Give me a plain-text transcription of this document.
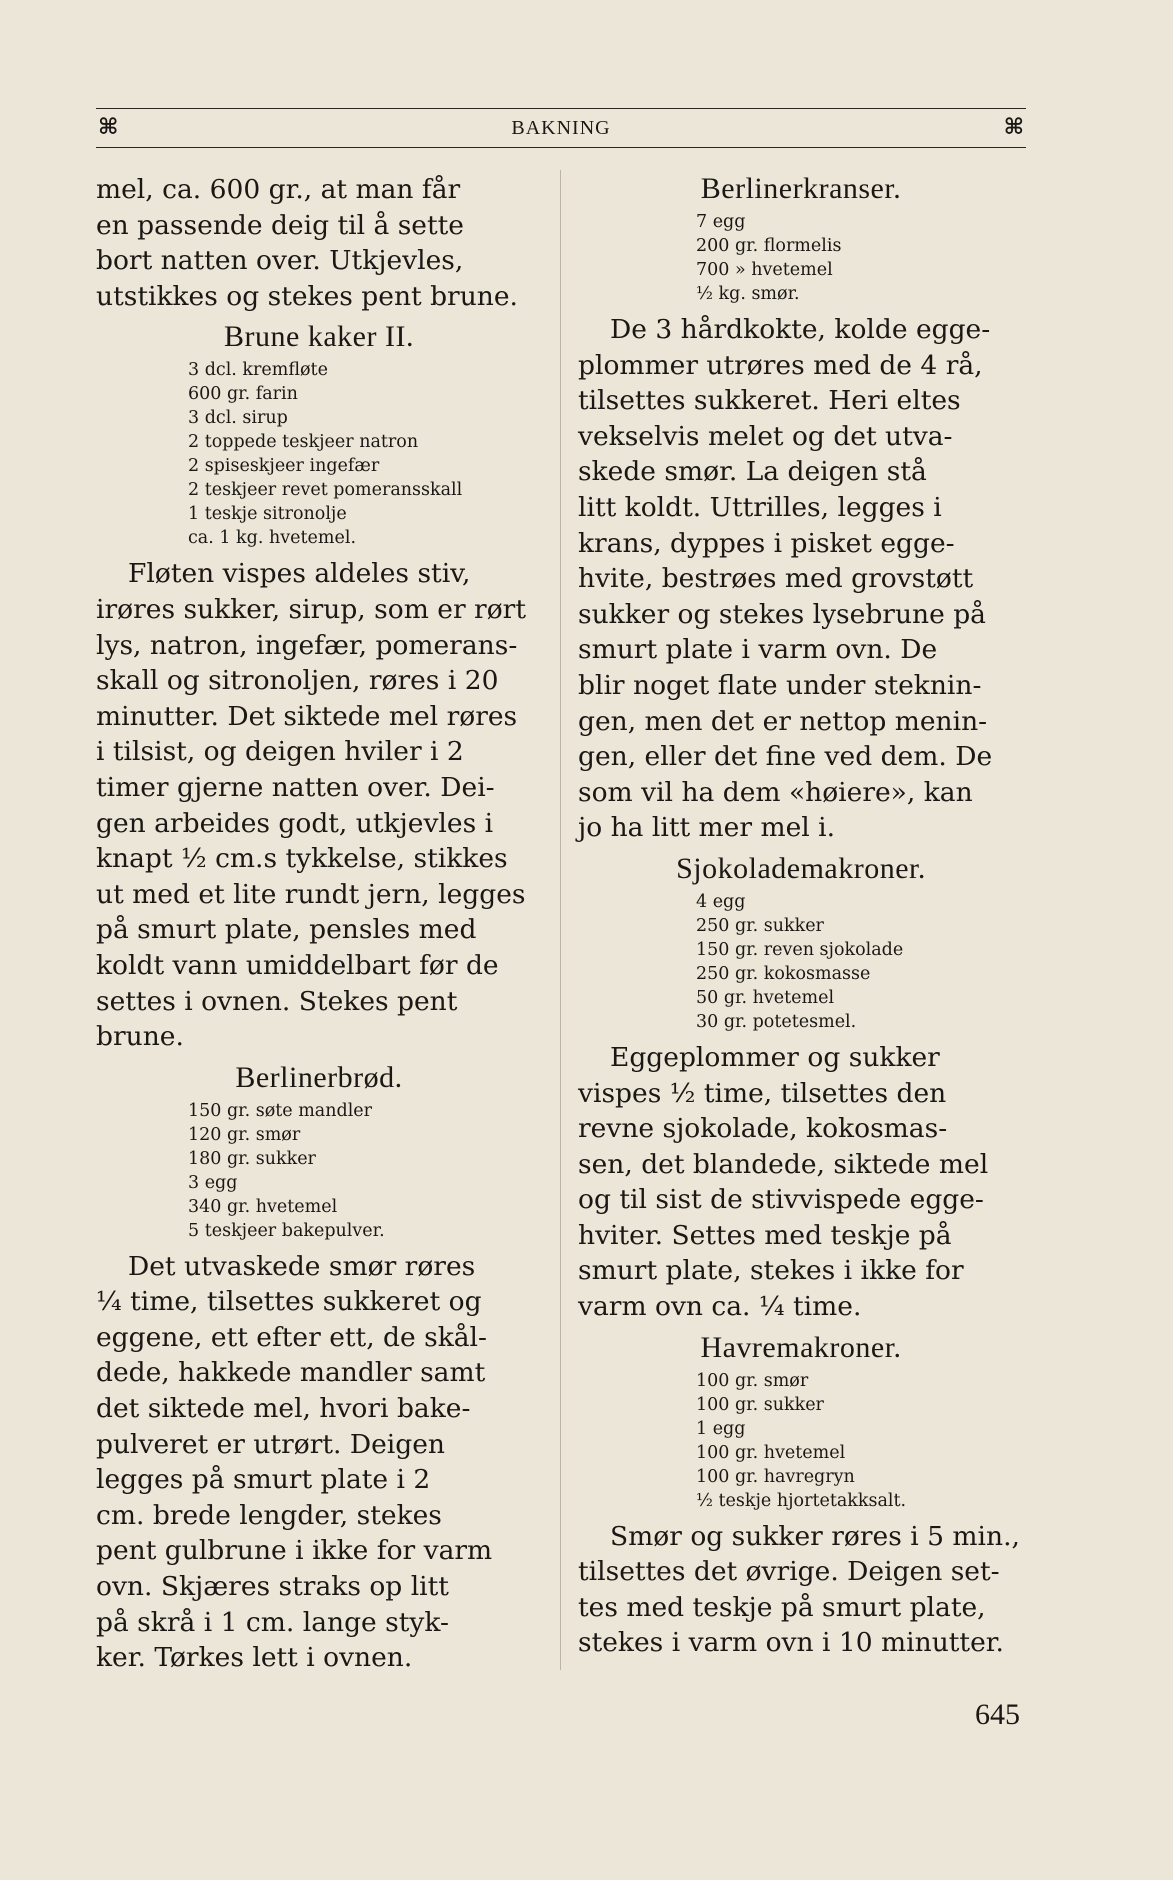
⌘	BAKNING	⌘

mel, ca. 600 gr., at man får

en passende deig til å sette

bort natten over. Utkjevles,

utstikkes og stekes pent brune.

Brune kaker II.
3 dcl. kremfløte
600 gr. farin
3 dcl. sirup
2 toppede teskjeer natron
2 spiseskjeer ingefær
2 teskjeer revet pomeransskall
1 teskje sitronolje
ca. 1 kg. hvetemel.

Fløten vispes aldeles stiv,

irøres sukker, sirup, som er rørt

lys, natron, ingefær, pomerans-

skall og sitronoljen, røres i 20

minutter. Det siktede mel røres

i tilsist, og deigen hviler i 2

timer gjerne natten over. Dei-

gen arbeides godt, utkjevles i

knapt ½ cm.s tykkelse, stikkes

ut med et lite rundt jern, legges

på smurt plate, pensles med

koldt vann umiddelbart før de

settes i ovnen. Stekes pent

brune.

Berlinerbrød.
150 gr. søte mandler
120 gr. smør
180 gr. sukker
3 egg
340 gr. hvetemel
5 teskjeer bakepulver.

Det utvaskede smør røres

¼ time, tilsettes sukkeret og

eggene, ett efter ett, de skål-

dede, hakkede mandler samt

det siktede mel, hvori bake-

pulveret er utrørt. Deigen

legges på smurt plate i 2

cm. brede lengder, stekes

pent gulbrune i ikke for varm

ovn. Skjæres straks op litt

på skrå i 1 cm. lange styk-

ker. Tørkes lett i ovnen.

Berlinerkranser.
7 egg
200 gr. flormelis
700 » hvetemel
½ kg. smør.

De 3 hårdkokte, kolde egge-

plommer utrøres med de 4 rå,

tilsettes sukkeret. Heri eltes

vekselvis melet og det utva-

skede smør. La deigen stå

litt koldt. Uttrilles, legges i

krans, dyppes i pisket egge-

hvite, bestrøes med grovstøtt

sukker og stekes lysebrune på

smurt plate i varm ovn. De

blir noget flate under steknin-

gen, men det er nettop menin-

gen, eller det fine ved dem. De

som vil ha dem «høiere», kan

jo ha litt mer mel i.

Sjokolademakroner.
4 egg
250 gr. sukker
150 gr. reven sjokolade
250 gr. kokosmasse
50 gr. hvetemel
30 gr. potetesmel.

Eggeplommer og sukker

vispes ½ time, tilsettes den

revne sjokolade, kokosmas-

sen, det blandede, siktede mel

og til sist de stivvispede egge-

hviter. Settes med teskje på

smurt plate, stekes i ikke for

varm ovn ca. ¼ time.

Havremakroner.
100 gr. smør
100 gr. sukker
1 egg
100 gr. hvetemel
100 gr. havregryn
½ teskje hjortetakksalt.

Smør og sukker røres i 5 min.,

tilsettes det øvrige. Deigen set-

tes med teskje på smurt plate,

stekes i varm ovn i 10 minutter.

645
